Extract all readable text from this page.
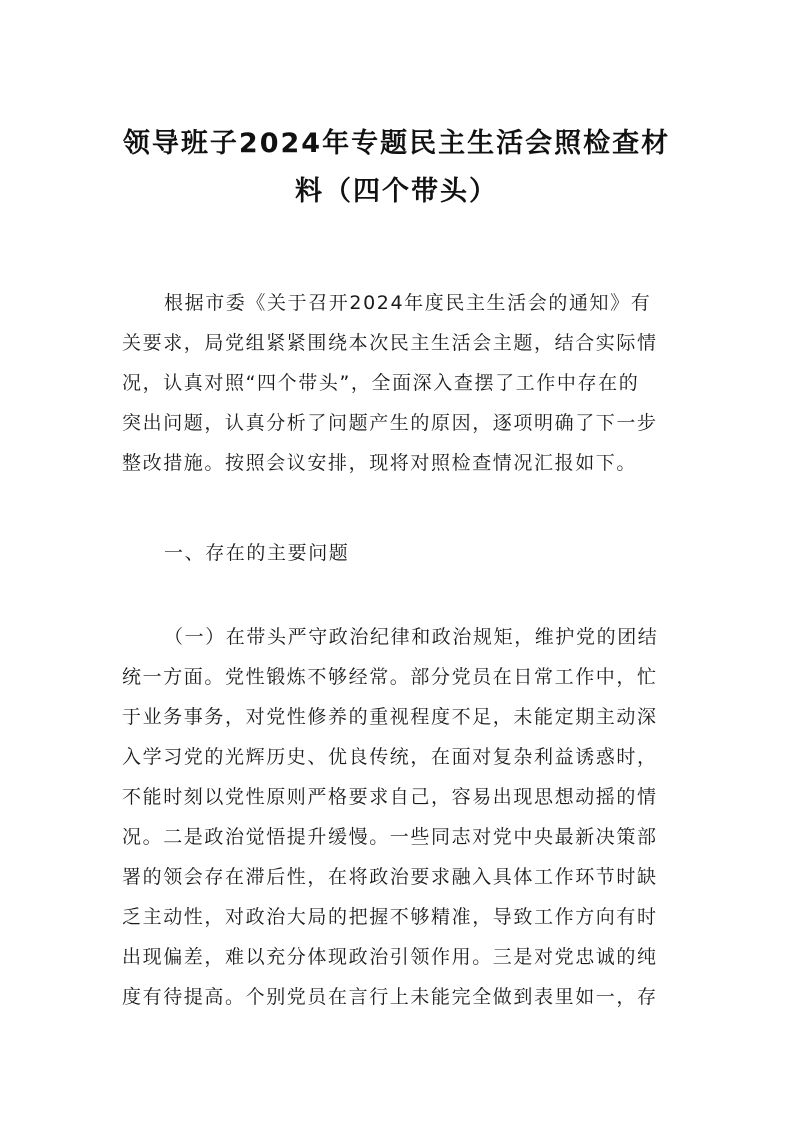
领导班子2024年专题民主生活会照检查材
料（四个带头）
根据市委《关于召开2024年度民主生活会的通知》有
关要求，局党组紧紧围绕本次民主生活会主题，结合实际情
况，认真对照“四个带头”，全面深入查摆了工作中存在的
突出问题，认真分析了问题产生的原因，逐项明确了下一步
整改措施。按照会议安排，现将对照检查情况汇报如下。
一、存在的主要问题
（一）在带头严守政治纪律和政治规矩，维护党的团结
统一方面。党性锻炼不够经常。部分党员在日常工作中，忙
于业务事务，对党性修养的重视程度不足，未能定期主动深
入学习党的光辉历史、优良传统，在面对复杂利益诱惑时，
不能时刻以党性原则严格要求自己，容易出现思想动摇的情
况。二是政治觉悟提升缓慢。一些同志对党中央最新决策部
署的领会存在滞后性，在将政治要求融入具体工作环节时缺
乏主动性，对政治大局的把握不够精准，导致工作方向有时
出现偏差，难以充分体现政治引领作用。三是对党忠诚的纯
度有待提高。个别党员在言行上未能完全做到表里如一，存
